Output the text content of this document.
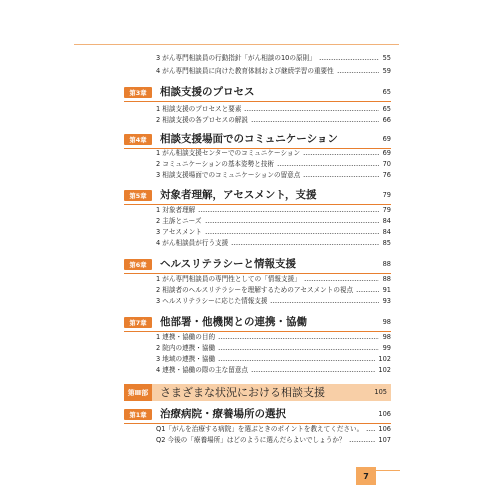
3 がん専門相談員の行動指針「がん相談の10の原則」	55
4 がん専門相談員に向けた教育体制および継続学習の重要性	59
第3章	相談支援のプロセス	65
1 相談支援のプロセスと要素	65
2 相談支援の各プロセスの解説	66
第4章	相談支援場面でのコミュニケーション	69
1 がん相談支援センターでのコミュニケーション	69
2 コミュニケーションの基本姿勢と技術	70
3 相談支援場面でのコミュニケーションの留意点	76
第5章	対象者理解，アセスメント，支援	79
1 対象者理解	79
2 主訴とニーズ	84
3 アセスメント	84
4 がん相談員が行う支援	85
第6章	ヘルスリテラシーと情報支援	88
1 がん専門相談員の専門性としての「情報支援」	88
2 相談者のヘルスリテラシーを理解するためのアセスメントの視点	91
3 ヘルスリテラシーに応じた情報支援	93
第7章	他部署・他機関との連携・協働	98
1 連携・協働の目的	98
2 院内の連携・協働	99
3 地域の連携・協働	102
4 連携・協働の際の主な留意点	102
第Ⅲ部	さまざまな状況における相談支援	105
第1章	治療病院・療養場所の選択	106
Q1「がんを治療する病院」を選ぶときのポイントを教えてください。 106
Q2 今後の「療養場所」はどのように選んだらよいでしょうか？	107
7
